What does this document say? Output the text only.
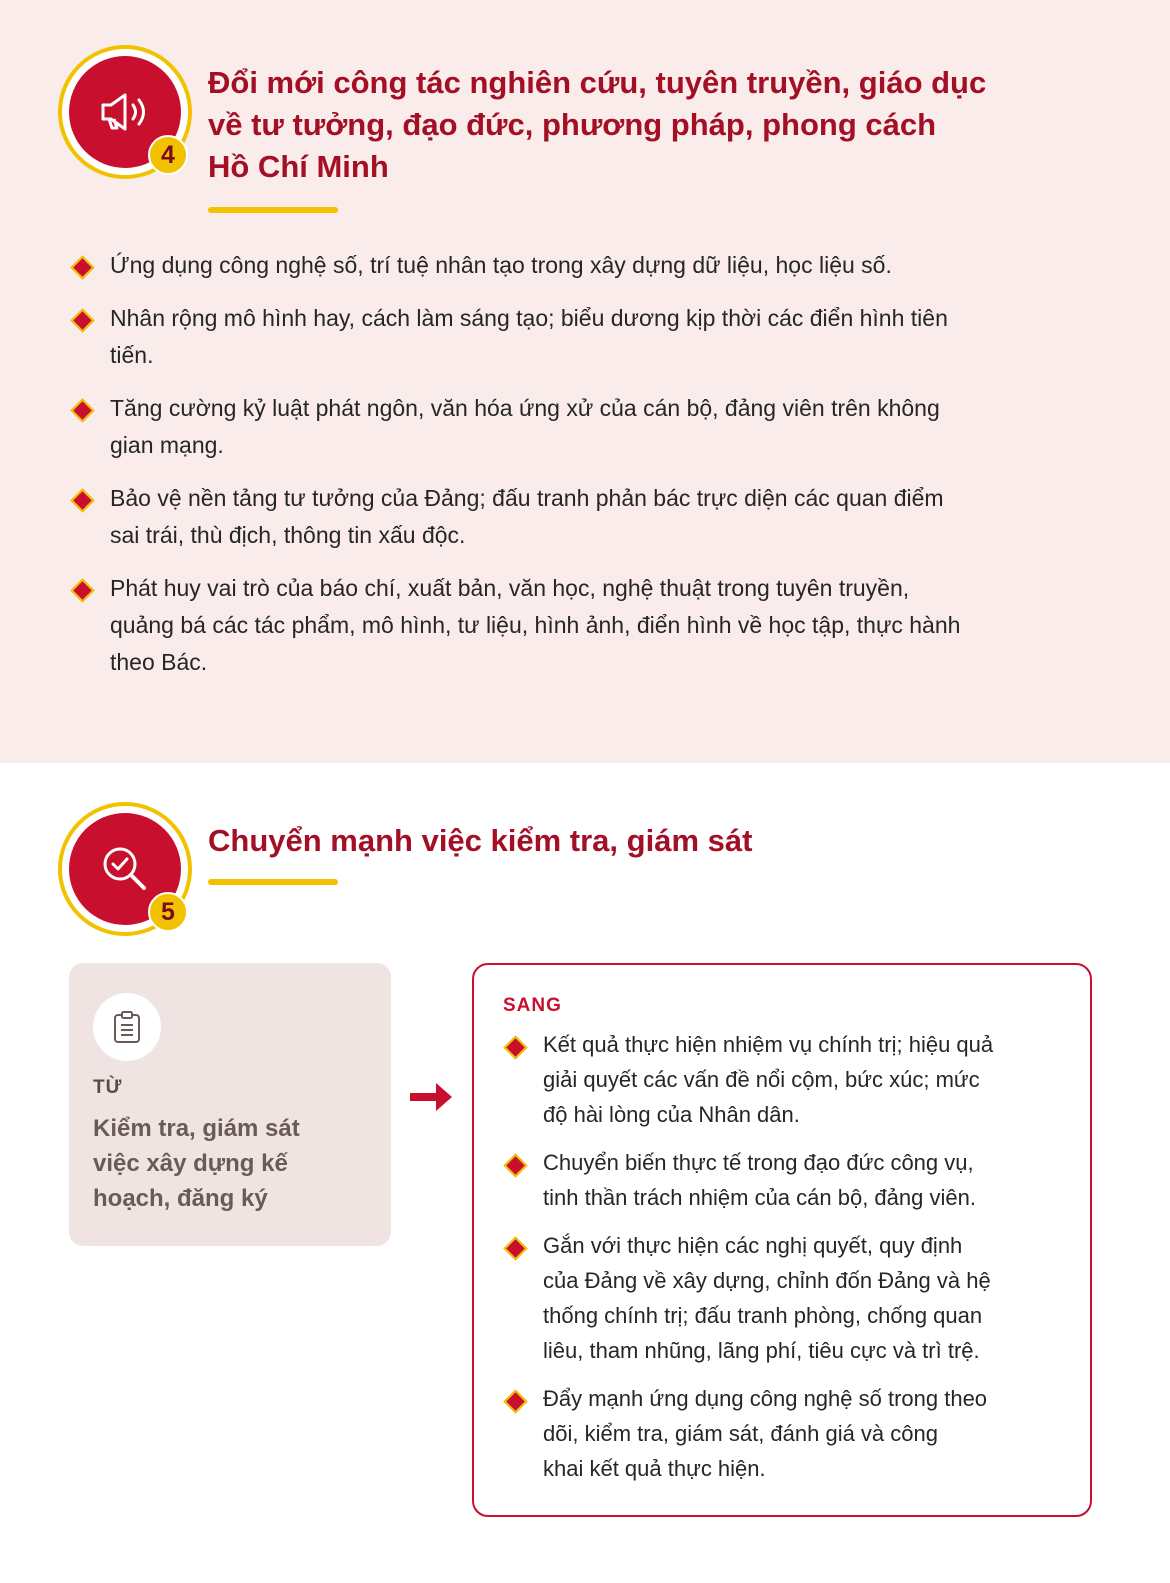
4
Đổi mới công tác nghiên cứu, tuyên truyền, giáo dục
về tư tưởng, đạo đức, phương pháp, phong cách
Hồ Chí Minh
Ứng dụng công nghệ số, trí tuệ nhân tạo trong xây dựng dữ liệu, học liệu số.
Nhân rộng mô hình hay, cách làm sáng tạo; biểu dương kịp thời các điển hình tiên
tiến.
Tăng cường kỷ luật phát ngôn, văn hóa ứng xử của cán bộ, đảng viên trên không
gian mạng.
Bảo vệ nền tảng tư tưởng của Đảng; đấu tranh phản bác trực diện các quan điểm
sai trái, thù địch, thông tin xấu độc.
Phát huy vai trò của báo chí, xuất bản, văn học, nghệ thuật trong tuyên truyền,
quảng bá các tác phẩm, mô hình, tư liệu, hình ảnh, điển hình về học tập, thực hành
theo Bác.
5
Chuyển mạnh việc kiểm tra, giám sát
TỪ
Kiểm tra, giám sát
việc xây dựng kế
hoạch, đăng ký
SANG
Kết quả thực hiện nhiệm vụ chính trị; hiệu quả
giải quyết các vấn đề nổi cộm, bức xúc; mức
độ hài lòng của Nhân dân.
Chuyển biến thực tế trong đạo đức công vụ,
tinh thần trách nhiệm của cán bộ, đảng viên.
Gắn với thực hiện các nghị quyết, quy định
của Đảng về xây dựng, chỉnh đốn Đảng và hệ
thống chính trị; đấu tranh phòng, chống quan
liêu, tham nhũng, lãng phí, tiêu cực và trì trệ.
Đẩy mạnh ứng dụng công nghệ số trong theo
dõi, kiểm tra, giám sát, đánh giá và công
khai kết quả thực hiện.
